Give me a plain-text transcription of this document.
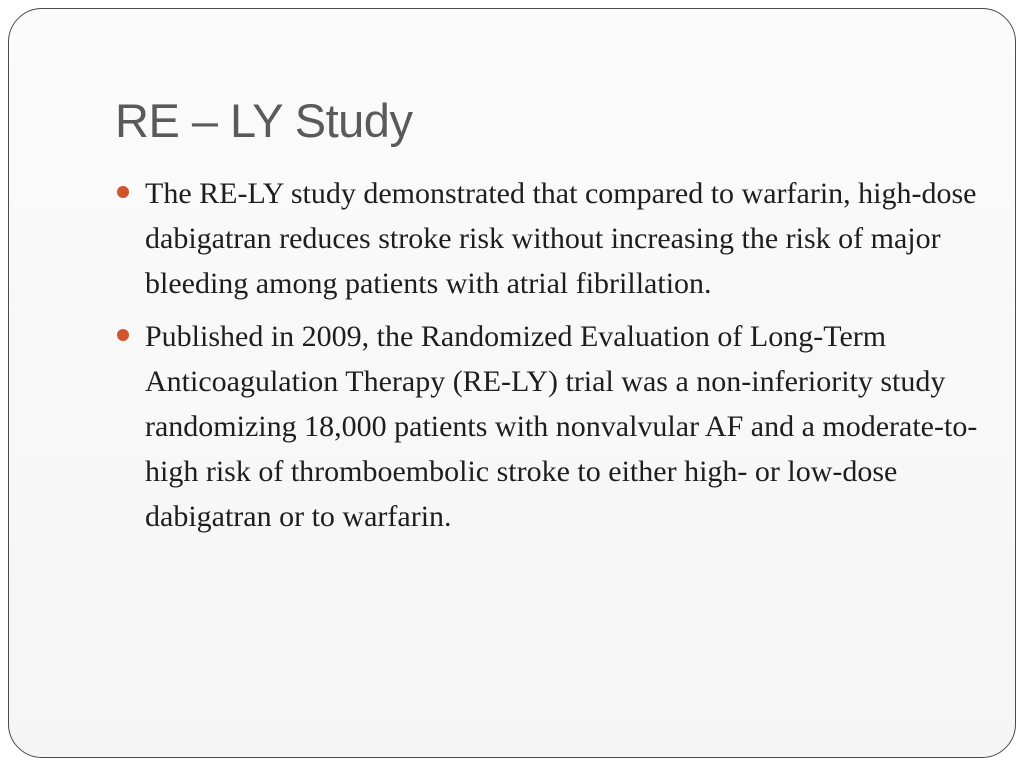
RE – LY Study
The RE-LY study demonstrated that compared to warfarin, high-dose dabigatran reduces stroke risk without increasing the risk of major bleeding among patients with atrial fibrillation.
Published in 2009, the Randomized Evaluation of Long-Term Anticoagulation Therapy (RE-LY) trial was a non-inferiority study randomizing 18,000 patients with nonvalvular AF and a moderate-to-high risk of thromboembolic stroke to either high- or low-dose dabigatran or to warfarin.
